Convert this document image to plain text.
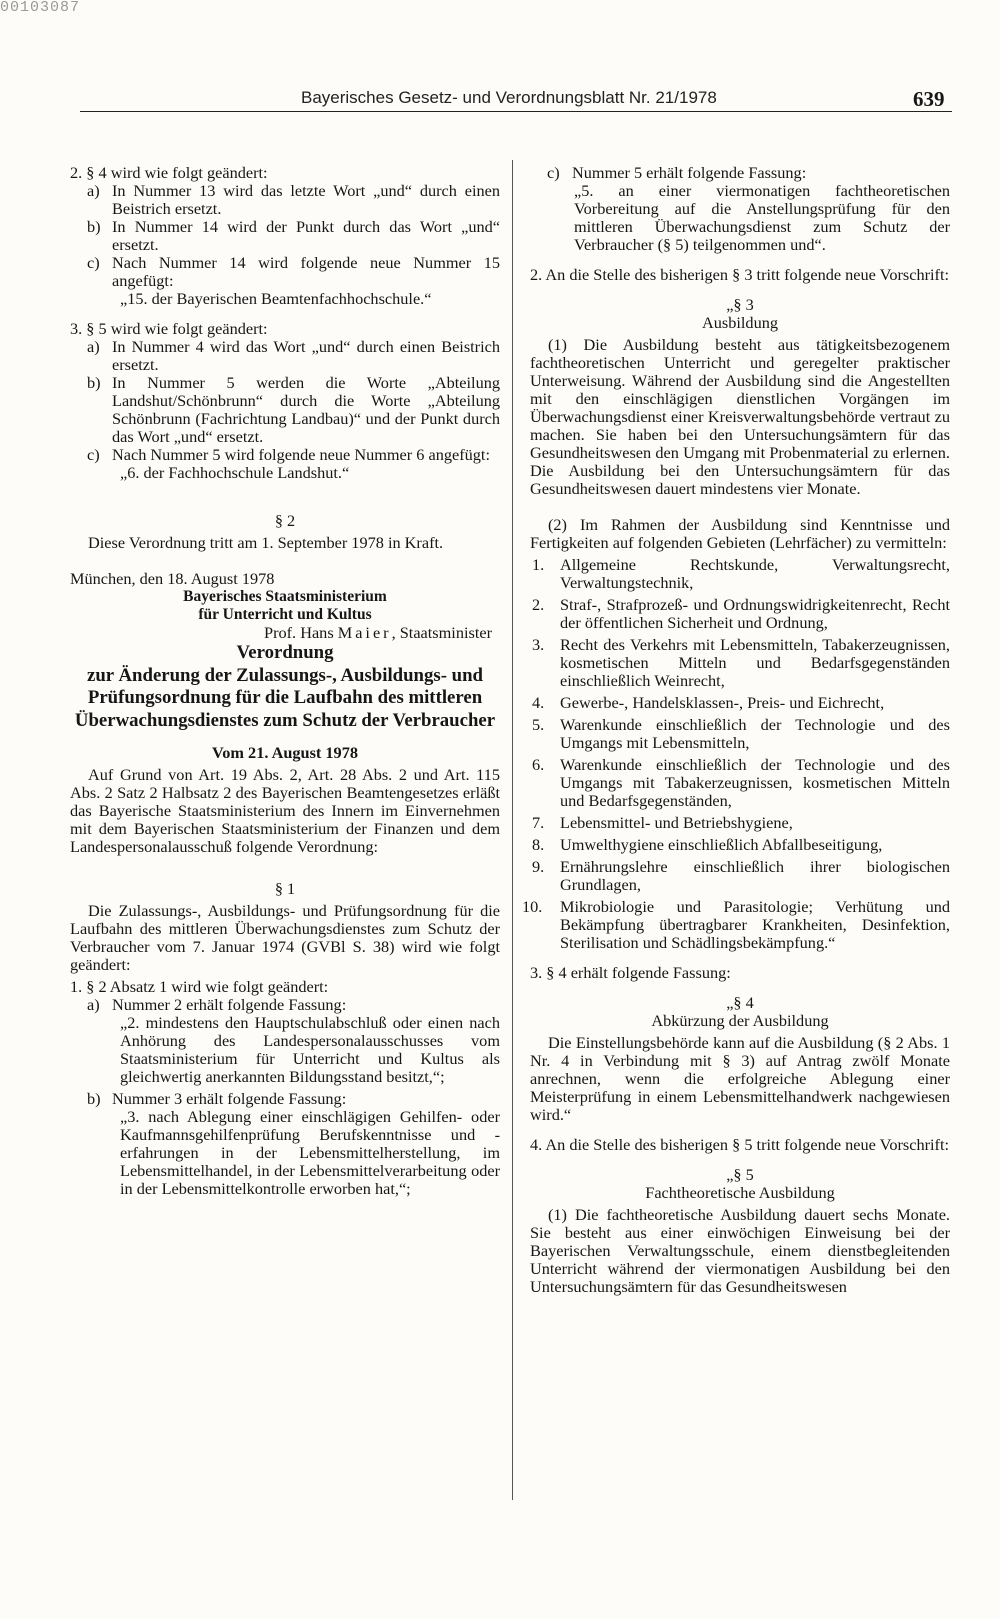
00103087
Bayerisches Gesetz- und Verordnungsblatt Nr. 21/1978	639

2. § 4 wird wie folgt geändert:

a) In Nummer 13 wird das letzte Wort „und“ durch einen Beistrich ersetzt.

b) In Nummer 14 wird der Punkt durch das Wort „und“ ersetzt.

c) Nach Nummer 14 wird folgende neue Nummer 15 angefügt:

„15. der Bayerischen Beamtenfachhochschule.“

3. § 5 wird wie folgt geändert:

a) In Nummer 4 wird das Wort „und“ durch einen Beistrich ersetzt.

b) In Nummer 5 werden die Worte „Abteilung Landshut/Schönbrunn“ durch die Worte „Abteilung Schönbrunn (Fachrichtung Landbau)“ und der Punkt durch das Wort „und“ ersetzt.

c) Nach Nummer 5 wird folgende neue Nummer 6 angefügt:

„6. der Fachhochschule Landshut.“

§ 2

Diese Verordnung tritt am 1. September 1978 in Kraft.

München, den 18. August 1978

Bayerisches Staatsministerium

für Unterricht und Kultus

Prof. Hans Maier, Staatsminister

Verordnung

zur Änderung der Zulassungs-, Ausbildungs- und Prüfungsordnung für die Laufbahn des mittleren Überwachungsdienstes zum Schutz der Verbraucher

Vom 21. August 1978

Auf Grund von Art. 19 Abs. 2, Art. 28 Abs. 2 und Art. 115 Abs. 2 Satz 2 Halbsatz 2 des Bayerischen Beamtengesetzes erläßt das Bayerische Staatsministerium des Innern im Einvernehmen mit dem Bayerischen Staatsministerium der Finanzen und dem Landespersonalausschuß folgende Verordnung:

§ 1

Die Zulassungs-, Ausbildungs- und Prüfungsordnung für die Laufbahn des mittleren Überwachungsdienstes zum Schutz der Verbraucher vom 7. Januar 1974 (GVBl S. 38) wird wie folgt geändert:

1. § 2 Absatz 1 wird wie folgt geändert:

a) Nummer 2 erhält folgende Fassung:

„2. mindestens den Hauptschulabschluß oder einen nach Anhörung des Landespersonalausschusses vom Staatsministerium für Unterricht und Kultus als gleichwertig anerkannten Bildungsstand besitzt,“;

b) Nummer 3 erhält folgende Fassung:

„3. nach Ablegung einer einschlägigen Gehilfen- oder Kaufmannsgehilfenprüfung Berufskenntnisse und -erfahrungen in der Lebensmittelherstellung, im Lebensmittelhandel, in der Lebensmittelverarbeitung oder in der Lebensmittelkontrolle erworben hat,“;

c) Nummer 5 erhält folgende Fassung:

„5. an einer viermonatigen fachtheoretischen Vorbereitung auf die Anstellungsprüfung für den mittleren Überwachungsdienst zum Schutz der Verbraucher (§ 5) teilgenommen und“.

2. An die Stelle des bisherigen § 3 tritt folgende neue Vorschrift:

„§ 3

Ausbildung

(1) Die Ausbildung besteht aus tätigkeitsbezogenem fachtheoretischen Unterricht und geregelter praktischer Unterweisung. Während der Ausbildung sind die Angestellten mit den einschlägigen dienstlichen Vorgängen im Überwachungsdienst einer Kreisverwaltungsbehörde vertraut zu machen. Sie haben bei den Untersuchungsämtern für das Gesundheitswesen den Umgang mit Probenmaterial zu erlernen. Die Ausbildung bei den Untersuchungsämtern für das Gesundheitswesen dauert mindestens vier Monate.

(2) Im Rahmen der Ausbildung sind Kenntnisse und Fertigkeiten auf folgenden Gebieten (Lehrfächer) zu vermitteln:

1. Allgemeine Rechtskunde, Verwaltungsrecht, Verwaltungstechnik,

2. Straf-, Strafprozeß- und Ordnungswidrigkeitenrecht, Recht der öffentlichen Sicherheit und Ordnung,

3. Recht des Verkehrs mit Lebensmitteln, Tabakerzeugnissen, kosmetischen Mitteln und Bedarfsgegenständen einschließlich Weinrecht,

4. Gewerbe-, Handelsklassen-, Preis- und Eichrecht,

5. Warenkunde einschließlich der Technologie und des Umgangs mit Lebensmitteln,

6. Warenkunde einschließlich der Technologie und des Umgangs mit Tabakerzeugnissen, kosmetischen Mitteln und Bedarfsgegenständen,

7. Lebensmittel- und Betriebshygiene,

8. Umwelthygiene einschließlich Abfallbeseitigung,

9. Ernährungslehre einschließlich ihrer biologischen Grundlagen,

10. Mikrobiologie und Parasitologie; Verhütung und Bekämpfung übertragbarer Krankheiten, Desinfektion, Sterilisation und Schädlingsbekämpfung.“

3. § 4 erhält folgende Fassung:

„§ 4

Abkürzung der Ausbildung

Die Einstellungsbehörde kann auf die Ausbildung (§ 2 Abs. 1 Nr. 4 in Verbindung mit § 3) auf Antrag zwölf Monate anrechnen, wenn die erfolgreiche Ablegung einer Meisterprüfung in einem Lebensmittelhandwerk nachgewiesen wird.“

4. An die Stelle des bisherigen § 5 tritt folgende neue Vorschrift:

„§ 5

Fachtheoretische Ausbildung

(1) Die fachtheoretische Ausbildung dauert sechs Monate. Sie besteht aus einer einwöchigen Einweisung bei der Bayerischen Verwaltungsschule, einem dienstbegleitenden Unterricht während der viermonatigen Ausbildung bei den Untersuchungsämtern für das Gesundheitswesen
